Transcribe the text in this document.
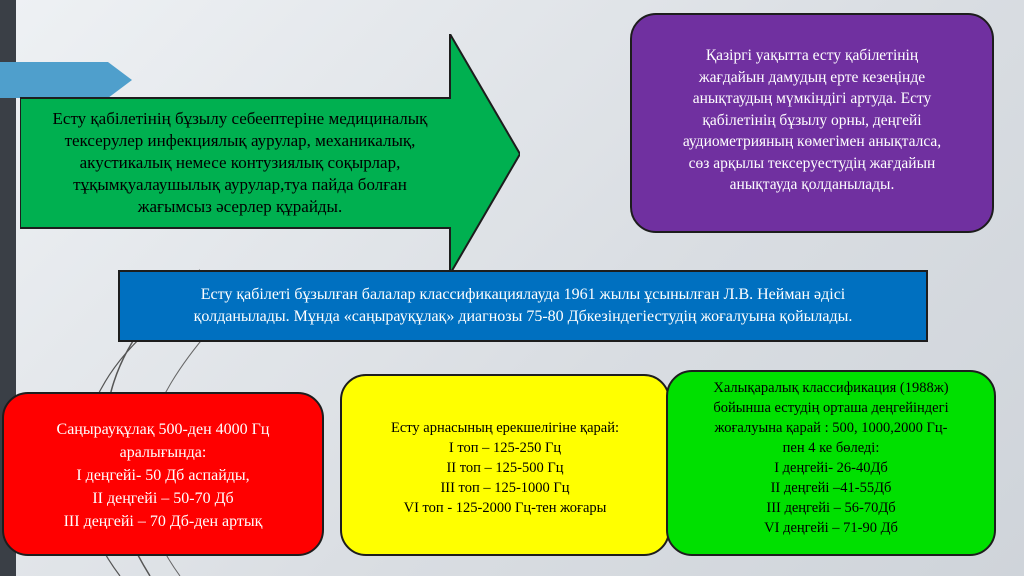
Есту қабілетінің бұзылу себеептеріне медициналық
тексерулер инфекциялық аурулар, механикалық,
акустикалық немесе контузиялық соқырлар,
тұқымқуалаушылық аурулар,туа пайда болған
жағымсыз әсерлер құрайды.
Қазіргі уақытта есту қабілетінің
жағдайын дамудың ерте кезеңінде
анықтаудың мүмкіндігі артуда. Есту
қабілетінің бұзылу орны, деңгейі
аудиометрияның көмегімен анықталса,
сөз арқылы тексеруестудің жағдайын
анықтауда қолданылады.
Есту қабілеті бұзылған балалар классификациялауда 1961 жылы ұсынылған Л.В. Нейман әдісі
қолданылады. Мұнда «саңырауқұлақ» диагнозы 75-80 Дбкезіндегіестудің жоғалуына қойылады.
Саңырауқұлақ 500-ден 4000 Гц
аралығында:
І деңгейі- 50 Дб аспайды,
ІІ деңгейі – 50-70 Дб
ІІІ деңгейі – 70 Дб-ден артық
Есту арнасының ерекшелігіне қарай:
І топ – 125-250 Гц
ІІ топ – 125-500 Гц
ІІІ топ – 125-1000 Гц
VI топ - 125-2000 Гц-тен жоғары
Халықаралық классификация (1988ж)
бойынша естудің орташа деңгейіндегі
жоғалуына қарай : 500, 1000,2000 Гц-
пен 4 ке бөледі:
І деңгейі- 26-40Дб
ІІ деңгейі –41-55Дб
ІІІ деңгейі – 56-70Дб
VI деңгейі – 71-90 Дб
